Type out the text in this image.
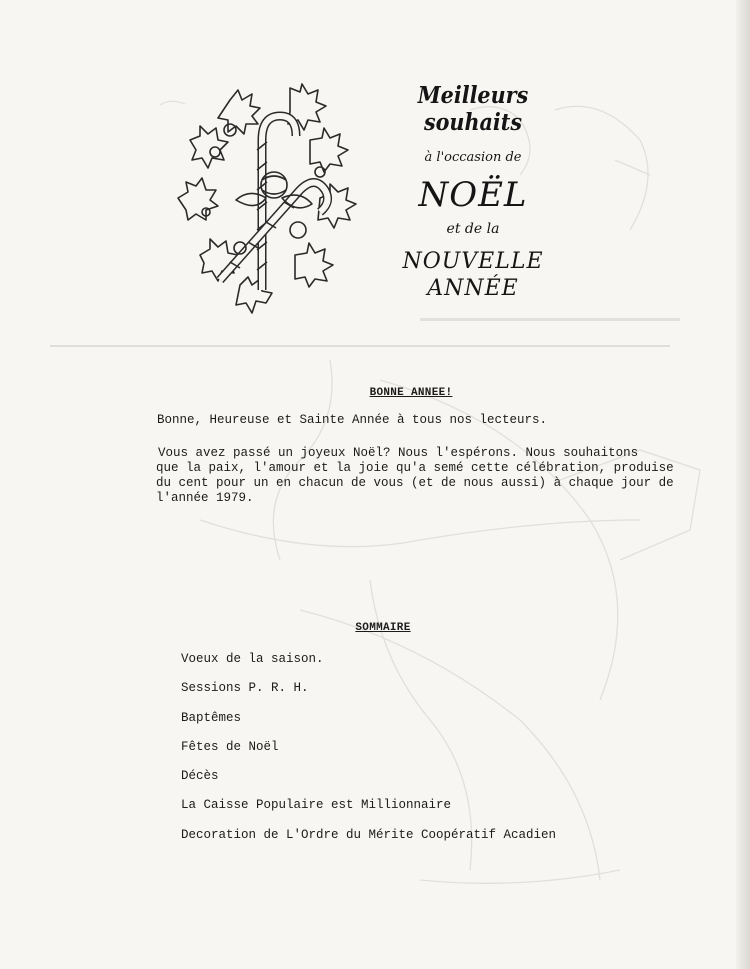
Meilleurs souhaits
à l'occasion de
NOËL
et de la
NOUVELLE
ANNÉE
BONNE ANNEE!
Bonne, Heureuse et Sainte Année à tous nos lecteurs.
Vous avez passé un joyeux Noël? Nous l'espérons. Nous souhaitons
que la paix, l'amour et la joie qu'a semé cette célébration, produise
du cent pour un en chacun de vous (et de nous aussi) à chaque jour de
l'année 1979.
SOMMAIRE
Voeux de la saison.
Sessions P. R. H.
Baptêmes
Fêtes de Noël
Décès
La Caisse Populaire est Millionnaire
Decoration de L'Ordre du Mérite Coopératif Acadien
